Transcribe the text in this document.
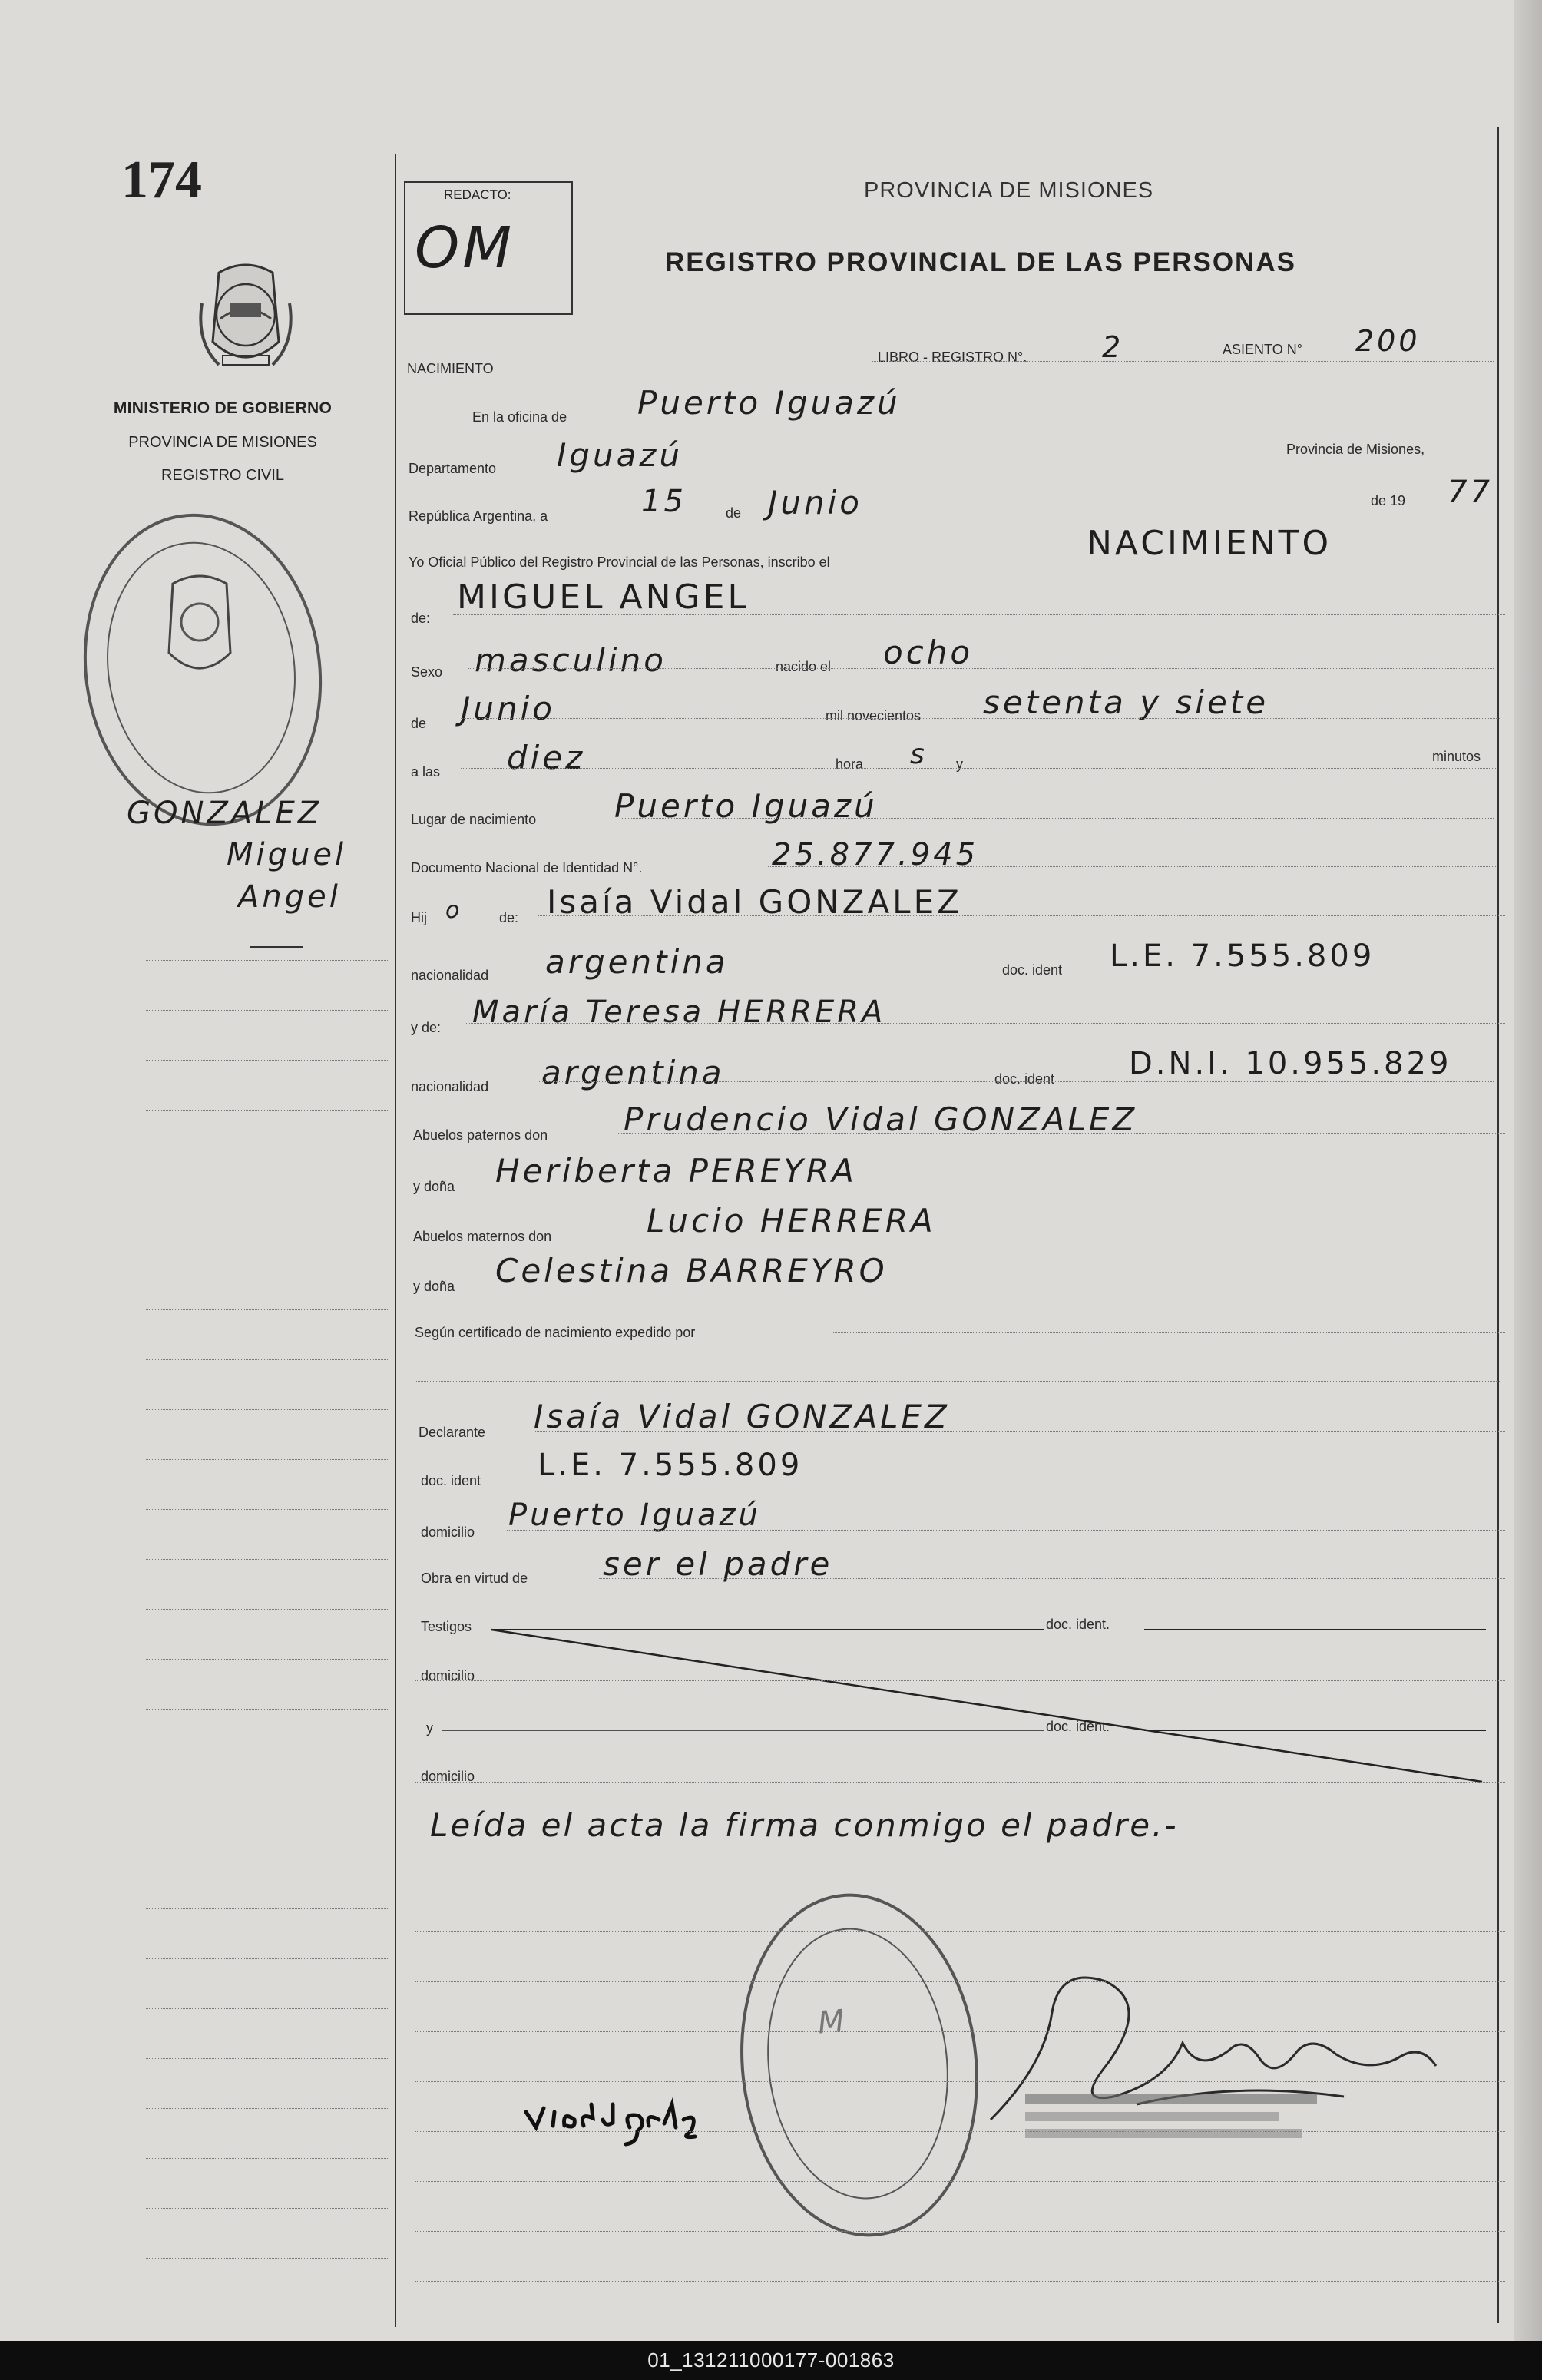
174
MINISTERIO DE GOBIERNO
PROVINCIA DE MISIONES
REGISTRO CIVIL
GONZALEZ
Miguel
Angel
REDACTO:
OM
PROVINCIA DE MISIONES
REGISTRO PROVINCIAL DE LAS PERSONAS
NACIMIENTO
LIBRO - REGISTRO N°.	2	ASIENTO N° 200
En la oficina de Puerto Iguazú
Departamento Iguazú	Provincia de Misiones,
República Argentina, a	15	de Junio	de 19 77
Yo Oficial Público del Registro Provincial de las Personas, inscribo el	NACIMIENTO
de:
MIGUEL ANGEL
Sexo masculino	nacido el ocho
de Junio	mil novecientos setenta y siete
a las diez	hora s y	minutos
Lugar de nacimiento Puerto Iguazú
Documento Nacional de Identidad N°.	25.877.945
Hij o	de: Isaía Vidal GONZALEZ
nacionalidad argentina	doc. ident L.E. 7.555.809
y de: María Teresa HERRERA
nacionalidad argentina	doc. ident D.N.I. 10.955.829
Abuelos paternos don Prudencio Vidal GONZALEZ
y doña Heriberta PEREYRA
Abuelos maternos don	Lucio HERRERA
y doña Celestina BARREYRO
Según certificado de nacimiento expedido por
Declarante Isaía Vidal GONZALEZ
doc. ident L.E. 7.555.809
domicilio Puerto Iguazú
Obra en virtud de ser el padre
Testigos	doc. ident.
domicilio
y	doc. ident.
domicilio
Leída el acta la firma conmigo el padre.-
M
01_131211000177-001863
